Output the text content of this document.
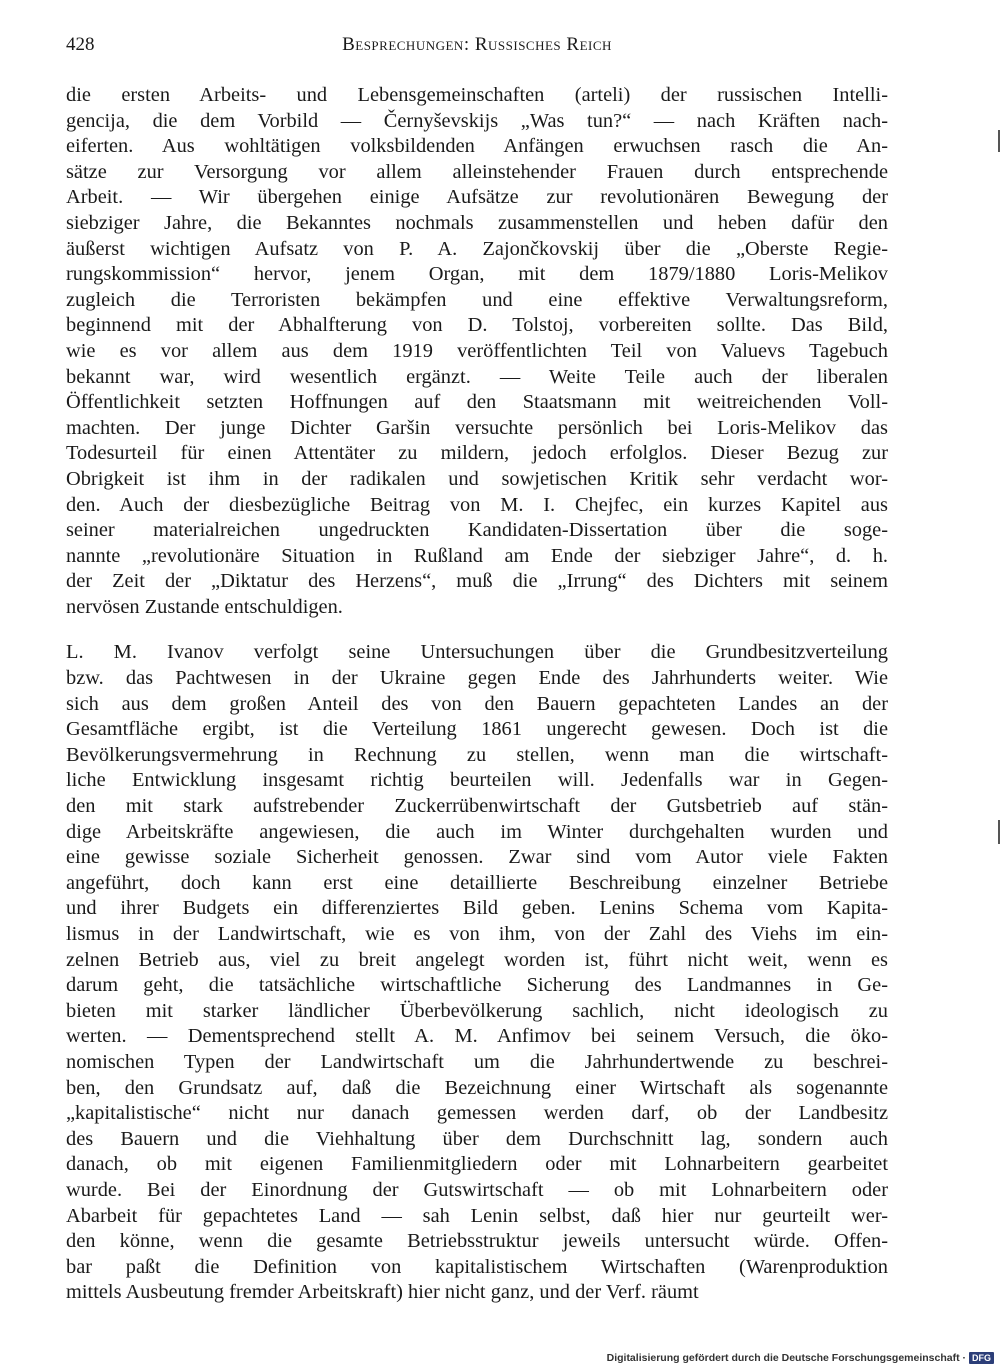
428	Besprechungen: Russisches Reich
die ersten Arbeits- und Lebensgemeinschaften (arteli) der russischen Intelli-
gencija, die dem Vorbild — Černyševskijs „Was tun?“ — nach Kräften nach-
eiferten. Aus wohltätigen volksbildenden Anfängen erwuchsen rasch die An-
sätze zur Versorgung vor allem alleinstehender Frauen durch entsprechende
Arbeit. — Wir übergehen einige Aufsätze zur revolutionären Bewegung der
siebziger Jahre, die Bekanntes nochmals zusammenstellen und heben dafür den
äußerst wichtigen Aufsatz von P. A. Zajončkovskij über die „Oberste Regie-
rungskommission“ hervor, jenem Organ, mit dem 1879/1880 Loris-Melikov
zugleich die Terroristen bekämpfen und eine effektive Verwaltungsreform,
beginnend mit der Abhalfterung von D. Tolstoj, vorbereiten sollte. Das Bild,
wie es vor allem aus dem 1919 veröffentlichten Teil von Valuevs Tagebuch
bekannt war, wird wesentlich ergänzt. — Weite Teile auch der liberalen
Öffentlichkeit setzten Hoffnungen auf den Staatsmann mit weitreichenden Voll-
machten. Der junge Dichter Garšin versuchte persönlich bei Loris-Melikov das
Todesurteil für einen Attentäter zu mildern, jedoch erfolglos. Dieser Bezug zur
Obrigkeit ist ihm in der radikalen und sowjetischen Kritik sehr verdacht wor-
den. Auch der diesbezügliche Beitrag von M. I. Chejfec, ein kurzes Kapitel aus
seiner materialreichen ungedruckten Kandidaten-Dissertation über die soge-
nannte „revolutionäre Situation in Rußland am Ende der siebziger Jahre“, d. h.
der Zeit der „Diktatur des Herzens“, muß die „Irrung“ des Dichters mit seinem
nervösen Zustande entschuldigen.
L. M. Ivanov verfolgt seine Untersuchungen über die Grundbesitzverteilung
bzw. das Pachtwesen in der Ukraine gegen Ende des Jahrhunderts weiter. Wie
sich aus dem großen Anteil des von den Bauern gepachteten Landes an der
Gesamtfläche ergibt, ist die Verteilung 1861 ungerecht gewesen. Doch ist die
Bevölkerungsvermehrung in Rechnung zu stellen, wenn man die wirtschaft-
liche Entwicklung insgesamt richtig beurteilen will. Jedenfalls war in Gegen-
den mit stark aufstrebender Zuckerrübenwirtschaft der Gutsbetrieb auf stän-
dige Arbeitskräfte angewiesen, die auch im Winter durchgehalten wurden und
eine gewisse soziale Sicherheit genossen. Zwar sind vom Autor viele Fakten
angeführt, doch kann erst eine detaillierte Beschreibung einzelner Betriebe
und ihrer Budgets ein differenziertes Bild geben. Lenins Schema vom Kapita-
lismus in der Landwirtschaft, wie es von ihm, von der Zahl des Viehs im ein-
zelnen Betrieb aus, viel zu breit angelegt worden ist, führt nicht weit, wenn es
darum geht, die tatsächliche wirtschaftliche Sicherung des Landmannes in Ge-
bieten mit starker ländlicher Überbevölkerung sachlich, nicht ideologisch zu
werten. — Dementsprechend stellt A. M. Anfimov bei seinem Versuch, die öko-
nomischen Typen der Landwirtschaft um die Jahrhundertwende zu beschrei-
ben, den Grundsatz auf, daß die Bezeichnung einer Wirtschaft als sogenannte
„kapitalistische“ nicht nur danach gemessen werden darf, ob der Landbesitz
des Bauern und die Viehhaltung über dem Durchschnitt lag, sondern auch
danach, ob mit eigenen Familienmitgliedern oder mit Lohnarbeitern gearbeitet
wurde. Bei der Einordnung der Gutswirtschaft — ob mit Lohnarbeitern oder
Abarbeit für gepachtetes Land — sah Lenin selbst, daß hier nur geurteilt wer-
den könne, wenn die gesamte Betriebsstruktur jeweils untersucht würde. Offen-
bar paßt die Definition von kapitalistischem Wirtschaften (Warenproduktion
mittels Ausbeutung fremder Arbeitskraft) hier nicht ganz, und der Verf. räumt
Digitalisierung gefördert durch die Deutsche Forschungsgemeinschaft · DFG
